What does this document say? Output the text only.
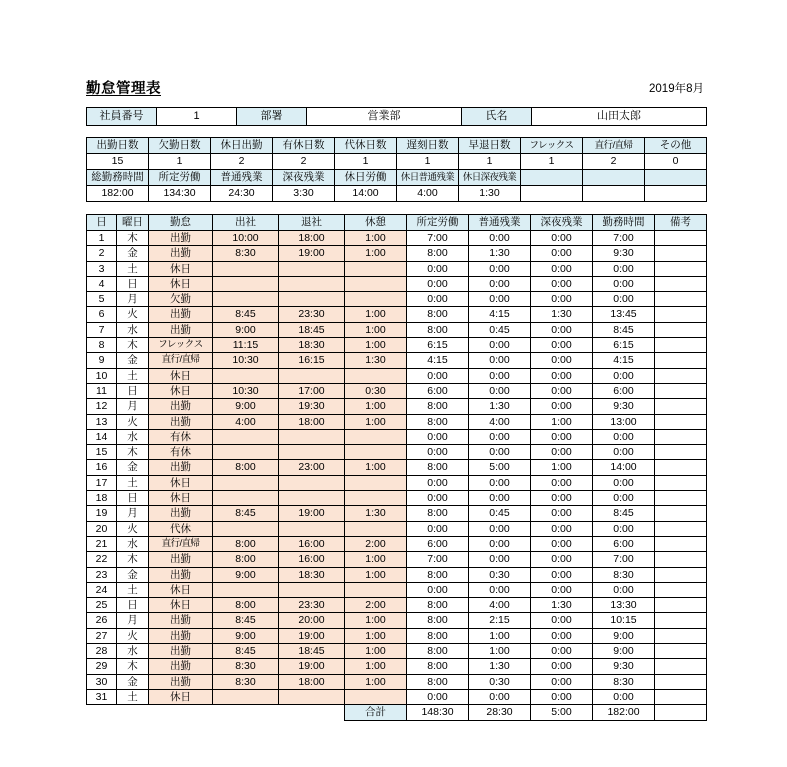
勤怠管理表	2019年8月
社員番号	1	部署	営業部	氏名	山田太郎
出勤日数	欠勤日数	休日出勤	有休日数	代休日数	遅刻日数	早退日数	フレックス	直行/直帰	その他
15	1	2	2	1	1	1	1	2	0
総勤務時間	所定労働	普通残業	深夜残業	休日労働	休日普通残業	休日深夜残業			
182:00	134:30	24:30	3:30	14:00	4:00	1:30			
日	曜日	勤怠	出社	退社	休憩	所定労働	普通残業	深夜残業	勤務時間	備考
1	木	出勤	10:00	18:00	1:00	7:00	0:00	0:00	7:00	
2	金	出勤	8:30	19:00	1:00	8:00	1:30	0:00	9:30	
3	土	休日				0:00	0:00	0:00	0:00	
4	日	休日				0:00	0:00	0:00	0:00	
5	月	欠勤				0:00	0:00	0:00	0:00	
6	火	出勤	8:45	23:30	1:00	8:00	4:15	1:30	13:45	
7	水	出勤	9:00	18:45	1:00	8:00	0:45	0:00	8:45	
8	木	フレックス	11:15	18:30	1:00	6:15	0:00	0:00	6:15	
9	金	直行/直帰	10:30	16:15	1:30	4:15	0:00	0:00	4:15	
10	土	休日				0:00	0:00	0:00	0:00	
11	日	休日	10:30	17:00	0:30	6:00	0:00	0:00	6:00	
12	月	出勤	9:00	19:30	1:00	8:00	1:30	0:00	9:30	
13	火	出勤	4:00	18:00	1:00	8:00	4:00	1:00	13:00	
14	水	有休				0:00	0:00	0:00	0:00	
15	木	有休				0:00	0:00	0:00	0:00	
16	金	出勤	8:00	23:00	1:00	8:00	5:00	1:00	14:00	
17	土	休日				0:00	0:00	0:00	0:00	
18	日	休日				0:00	0:00	0:00	0:00	
19	月	出勤	8:45	19:00	1:30	8:00	0:45	0:00	8:45	
20	火	代休				0:00	0:00	0:00	0:00	
21	水	直行/直帰	8:00	16:00	2:00	6:00	0:00	0:00	6:00	
22	木	出勤	8:00	16:00	1:00	7:00	0:00	0:00	7:00	
23	金	出勤	9:00	18:30	1:00	8:00	0:30	0:00	8:30	
24	土	休日				0:00	0:00	0:00	0:00	
25	日	休日	8:00	23:30	2:00	8:00	4:00	1:30	13:30	
26	月	出勤	8:45	20:00	1:00	8:00	2:15	0:00	10:15	
27	火	出勤	9:00	19:00	1:00	8:00	1:00	0:00	9:00	
28	水	出勤	8:45	18:45	1:00	8:00	1:00	0:00	9:00	
29	木	出勤	8:30	19:00	1:00	8:00	1:30	0:00	9:30	
30	金	出勤	8:30	18:00	1:00	8:00	0:30	0:00	8:30	
31	土	休日				0:00	0:00	0:00	0:00	
					合計	148:30	28:30	5:00	182:00	
